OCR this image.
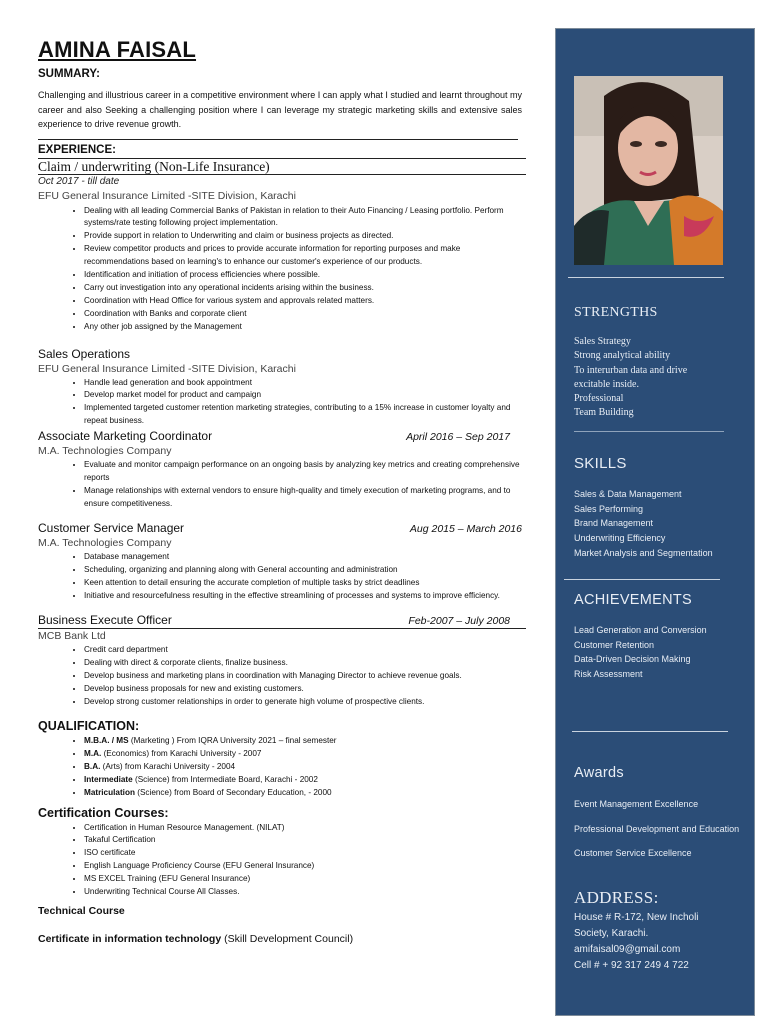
AMINA FAISAL
SUMMARY:

Challenging and illustrious career in a competitive environment where I can apply what I studied and learnt throughout my career and also Seeking a challenging position where I can leverage my strategic marketing skills and extensive sales experience to drive revenue growth.

EXPERIENCE:
Claim / underwriting (Non-Life Insurance)
Oct 2017 - till date
EFU General Insurance Limited -SITE Division, Karachi
• Dealing with all leading Commercial Banks of Pakistan in relation to their Auto Financing / Leasing portfolio. Perform systems/rate testing following project implementation.
• Provide support in relation to Underwriting and claim or business projects as directed.
• Review competitor products and prices to provide accurate information for reporting purposes and make recommendations based on learning's to enhance our customer's experience of our products.
• Identification and initiation of process efficiencies where possible.
• Carry out investigation into any operational incidents arising within the business.
• Coordination with Head Office for various system and approvals related matters.
• Coordination with Banks and corporate client
• Any other job assigned by the Management
Sales Operations
EFU General Insurance Limited -SITE Division, Karachi
• Handle lead generation and book appointment
• Develop market model for product and campaign
• Implemented targeted customer retention marketing strategies, contributing to a 15% increase in customer loyalty and repeat business.
Associate Marketing Coordinator	April 2016 – Sep 2017
M.A. Technologies Company
• Evaluate and monitor campaign performance on an ongoing basis by analyzing key metrics and creating comprehensive reports
• Manage relationships with external vendors to ensure high-quality and timely execution of marketing programs, and to ensure competitiveness.
Customer Service Manager	Aug 2015 – March 2016
M.A. Technologies Company
• Database management
• Scheduling, organizing and planning along with General accounting and administration
• Keen attention to detail ensuring the accurate completion of multiple tasks by strict deadlines
• Initiative and resourcefulness resulting in the effective streamlining of processes and systems to improve efficiency.
Business Execute Officer	Feb-2007 – July 2008
MCB Bank Ltd
• Credit card department
• Dealing with direct & corporate clients, finalize business.
• Develop business and marketing plans in coordination with Managing Director to achieve revenue goals.
• Develop business proposals for new and existing customers.
• Develop strong customer relationships in order to generate high volume of prospective clients.
QUALIFICATION:
• M.B.A. / MS (Marketing ) From IQRA University 2021 – final semester
• M.A. (Economics) from Karachi University - 2007
• B.A. (Arts) from Karachi University - 2004
• Intermediate (Science) from Intermediate Board, Karachi - 2002
• Matriculation (Science) from Board of Secondary Education, - 2000
Certification Courses:
• Certification in Human Resource Management. (NILAT)
• Takaful Certification
• ISO certificate
• English Language Proficiency Course (EFU General Insurance)
• MS EXCEL Training (EFU General Insurance)
• Underwriting Technical Course All Classes.
Technical Course
Certificate in information technology (Skill Development Council)
STRENGTHS
Sales Strategy
Strong analytical ability
To interurban data and drive
excitable inside.
Professional
Team Building
SKILLS
Sales & Data Management
Sales Performing
Brand Management
Underwriting Efficiency
Market Analysis and Segmentation
ACHIEVEMENTS
Lead Generation and Conversion
Customer Retention
Data-Driven Decision Making
Risk Assessment
Awards
Event Management Excellence
Professional Development and Education
Customer Service Excellence
ADDRESS:
House # R-172, New Incholi
Society, Karachi.
amifaisal09@gmail.com
Cell # + 92 317 249 4 722
